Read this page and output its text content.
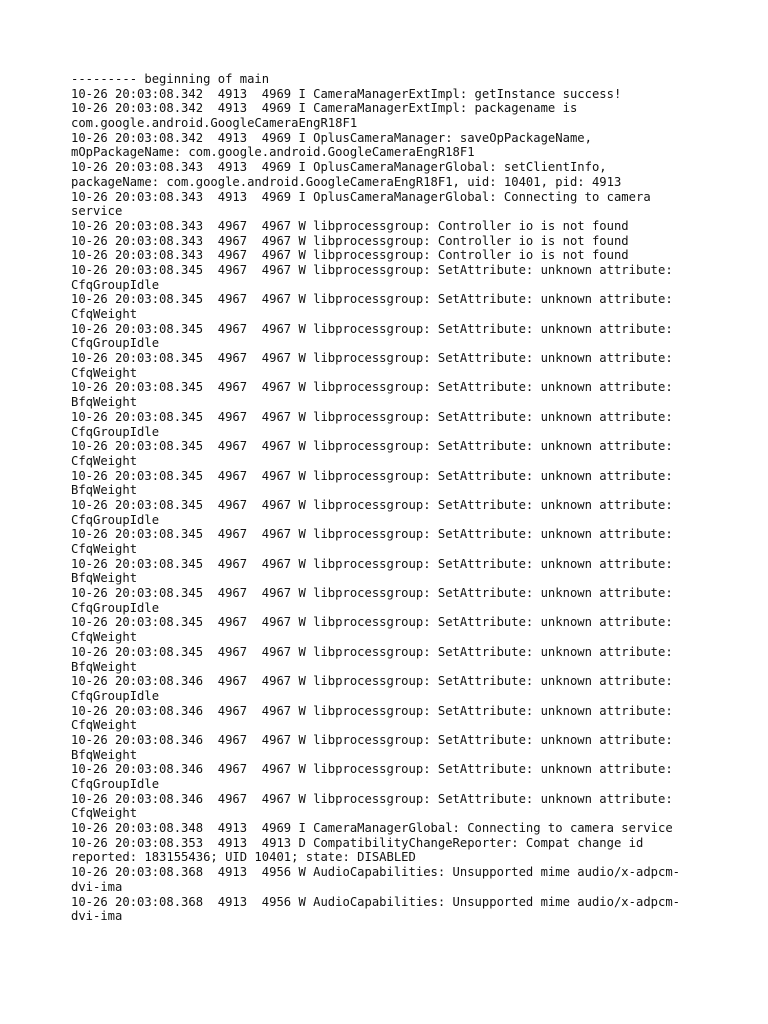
--------- beginning of main
10-26 20:03:08.342  4913  4969 I CameraManagerExtImpl: getInstance success!
10-26 20:03:08.342  4913  4969 I CameraManagerExtImpl: packagename is
com.google.android.GoogleCameraEngR18F1
10-26 20:03:08.342  4913  4969 I OplusCameraManager: saveOpPackageName,
mOpPackageName: com.google.android.GoogleCameraEngR18F1
10-26 20:03:08.343  4913  4969 I OplusCameraManagerGlobal: setClientInfo,
packageName: com.google.android.GoogleCameraEngR18F1, uid: 10401, pid: 4913
10-26 20:03:08.343  4913  4969 I OplusCameraManagerGlobal: Connecting to camera
service
10-26 20:03:08.343  4967  4967 W libprocessgroup: Controller io is not found
10-26 20:03:08.343  4967  4967 W libprocessgroup: Controller io is not found
10-26 20:03:08.343  4967  4967 W libprocessgroup: Controller io is not found
10-26 20:03:08.345  4967  4967 W libprocessgroup: SetAttribute: unknown attribute:
CfqGroupIdle
10-26 20:03:08.345  4967  4967 W libprocessgroup: SetAttribute: unknown attribute:
CfqWeight
10-26 20:03:08.345  4967  4967 W libprocessgroup: SetAttribute: unknown attribute:
CfqGroupIdle
10-26 20:03:08.345  4967  4967 W libprocessgroup: SetAttribute: unknown attribute:
CfqWeight
10-26 20:03:08.345  4967  4967 W libprocessgroup: SetAttribute: unknown attribute:
BfqWeight
10-26 20:03:08.345  4967  4967 W libprocessgroup: SetAttribute: unknown attribute:
CfqGroupIdle
10-26 20:03:08.345  4967  4967 W libprocessgroup: SetAttribute: unknown attribute:
CfqWeight
10-26 20:03:08.345  4967  4967 W libprocessgroup: SetAttribute: unknown attribute:
BfqWeight
10-26 20:03:08.345  4967  4967 W libprocessgroup: SetAttribute: unknown attribute:
CfqGroupIdle
10-26 20:03:08.345  4967  4967 W libprocessgroup: SetAttribute: unknown attribute:
CfqWeight
10-26 20:03:08.345  4967  4967 W libprocessgroup: SetAttribute: unknown attribute:
BfqWeight
10-26 20:03:08.345  4967  4967 W libprocessgroup: SetAttribute: unknown attribute:
CfqGroupIdle
10-26 20:03:08.345  4967  4967 W libprocessgroup: SetAttribute: unknown attribute:
CfqWeight
10-26 20:03:08.345  4967  4967 W libprocessgroup: SetAttribute: unknown attribute:
BfqWeight
10-26 20:03:08.346  4967  4967 W libprocessgroup: SetAttribute: unknown attribute:
CfqGroupIdle
10-26 20:03:08.346  4967  4967 W libprocessgroup: SetAttribute: unknown attribute:
CfqWeight
10-26 20:03:08.346  4967  4967 W libprocessgroup: SetAttribute: unknown attribute:
BfqWeight
10-26 20:03:08.346  4967  4967 W libprocessgroup: SetAttribute: unknown attribute:
CfqGroupIdle
10-26 20:03:08.346  4967  4967 W libprocessgroup: SetAttribute: unknown attribute:
CfqWeight
10-26 20:03:08.348  4913  4969 I CameraManagerGlobal: Connecting to camera service
10-26 20:03:08.353  4913  4913 D CompatibilityChangeReporter: Compat change id
reported: 183155436; UID 10401; state: DISABLED
10-26 20:03:08.368  4913  4956 W AudioCapabilities: Unsupported mime audio/x-adpcm-
dvi-ima
10-26 20:03:08.368  4913  4956 W AudioCapabilities: Unsupported mime audio/x-adpcm-
dvi-ima
